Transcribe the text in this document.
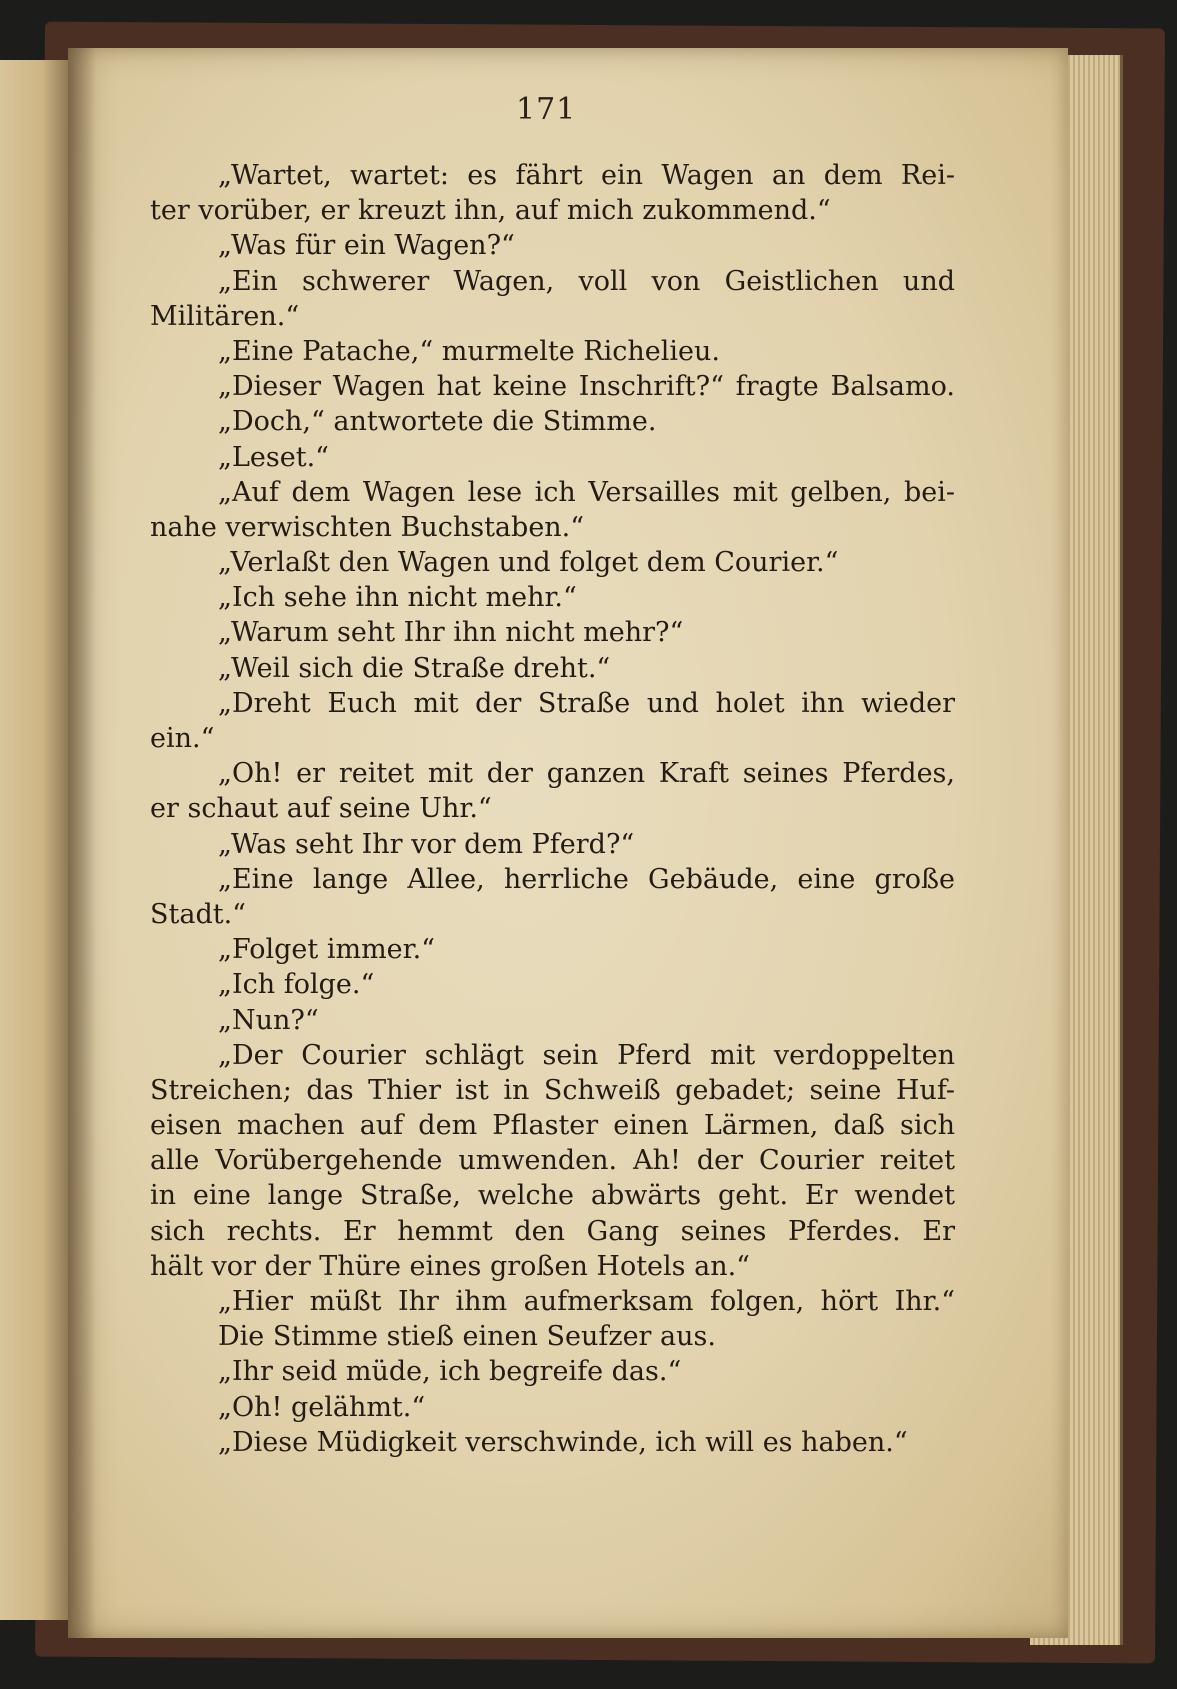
171
„Wartet, wartet: es fährt ein Wagen an dem Rei-
ter vorüber, er kreuzt ihn, auf mich zukommend.“
„Was für ein Wagen?“
„Ein schwerer Wagen, voll von Geistlichen und
Militären.“
„Eine Patache,“ murmelte Richelieu.
„Dieser Wagen hat keine Inschrift?“ fragte Balsamo.
„Doch,“ antwortete die Stimme.
„Leset.“
„Auf dem Wagen lese ich Versailles mit gelben, bei-
nahe verwischten Buchstaben.“
„Verlaßt den Wagen und folget dem Courier.“
„Ich sehe ihn nicht mehr.“
„Warum seht Ihr ihn nicht mehr?“
„Weil sich die Straße dreht.“
„Dreht Euch mit der Straße und holet ihn wieder
ein.“
„Oh! er reitet mit der ganzen Kraft seines Pferdes,
er schaut auf seine Uhr.“
„Was seht Ihr vor dem Pferd?“
„Eine lange Allee, herrliche Gebäude, eine große
Stadt.“
„Folget immer.“
„Ich folge.“
„Nun?“
„Der Courier schlägt sein Pferd mit verdoppelten
Streichen; das Thier ist in Schweiß gebadet; seine Huf-
eisen machen auf dem Pflaster einen Lärmen, daß sich
alle Vorübergehende umwenden. Ah! der Courier reitet
in eine lange Straße, welche abwärts geht. Er wendet
sich rechts. Er hemmt den Gang seines Pferdes. Er
hält vor der Thüre eines großen Hotels an.“
„Hier müßt Ihr ihm aufmerksam folgen, hört Ihr.“
Die Stimme stieß einen Seufzer aus.
„Ihr seid müde, ich begreife das.“
„Oh! gelähmt.“
„Diese Müdigkeit verschwinde, ich will es haben.“
